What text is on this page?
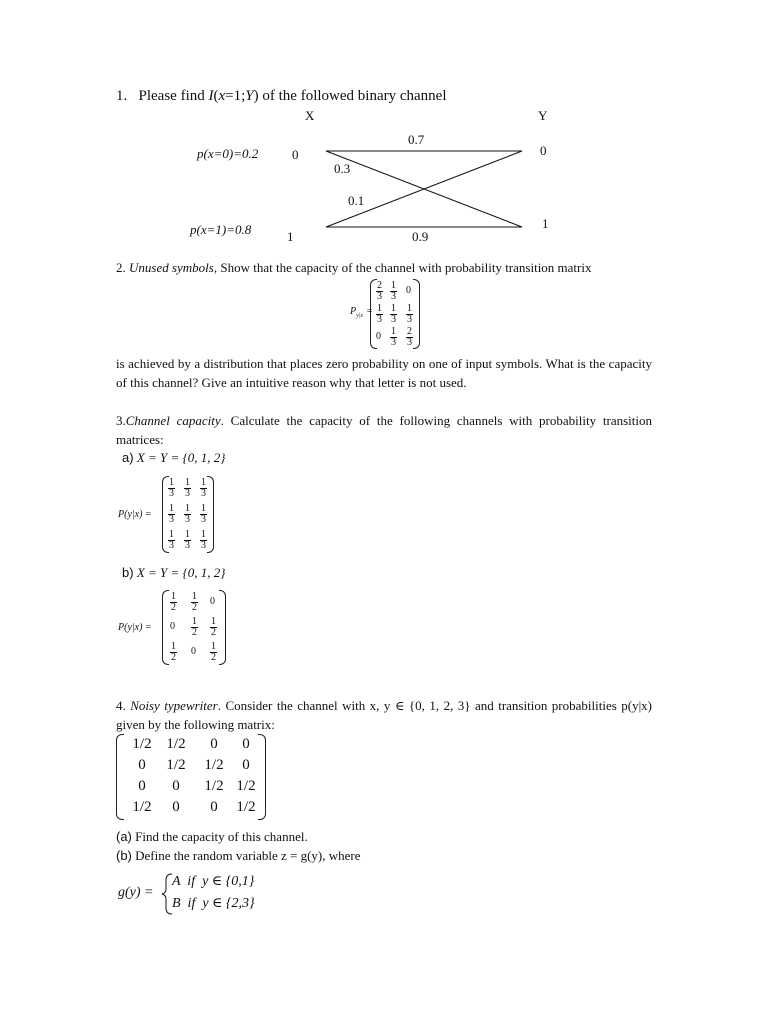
1. Please find I(x=1;Y) of the followed binary channel
X	Y
p(x=0)=0.2
p(x=1)=0.8
0
1
0
1
0.7
0.3
0.1
0.9
2. Unused symbols, Show that the capacity of the channel with probability transition matrix
$P_{y|x}$ =
$\frac{2}{3} \frac{1}{3} 0$
$\frac{1}{3} \frac{1}{3} \frac{1}{3}$
$0 \frac{1}{3} \frac{2}{3}$
is achieved by a distribution that places zero probability on one of input symbols. What is the capacity of this channel? Give an intuitive reason why that letter is not used.
3.Channel capacity. Calculate the capacity of the following channels with probability transition matrices:
a) X = Y = {0, 1, 2}
P(y|x) =
$\frac{1}{3} \frac{1}{3} \frac{1}{3}$
$\frac{1}{3} \frac{1}{3} \frac{1}{3}$
$\frac{1}{3} \frac{1}{3} \frac{1}{3}$
b) X = Y = {0, 1, 2}
P(y|x) =
$\frac{1}{2} \frac{1}{2} 0$
$0 \frac{1}{2} \frac{1}{2}$
$\frac{1}{2} 0 \frac{1}{2}$
4. Noisy typewriter. Consider the channel with x, y ∈ {0, 1, 2, 3} and transition probabilities p(y|x) given by the following matrix:
1/2 1/2	0	0
0	1/2	1/2	0
0	0	1/2 1/2
1/2	0	0	1/2
(a) Find the capacity of this channel.
(b) Define the random variable z = g(y), where
g(y) =
A  if  y ∈ {0,1}
B  if  y ∈ {2,3}
